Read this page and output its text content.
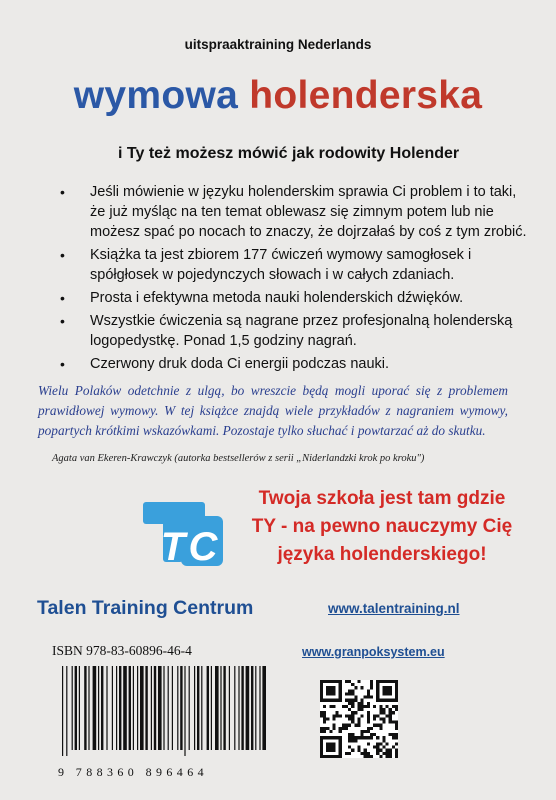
uitspraaktraining Nederlands
wymowa holenderska
i Ty też możesz mówić jak rodowity Holender
• Jeśli mówienie w języku holenderskim sprawia Ci problem i to taki, że już myśląc na ten temat oblewasz się zimnym potem lub nie możesz spać po nocach to znaczy, że dojrzałaś by coś z tym zrobić.
• Książka ta jest zbiorem 177 ćwiczeń wymowy samogłosek i spółgłosek w pojedynczych słowach i w całych zdaniach.
• Prosta i efektywna metoda nauki holenderskich dźwięków.
• Wszystkie ćwiczenia są nagrane przez profesjonalną holenderską logopedystkę. Ponad 1,5 godziny nagrań.
• Czerwony druk doda Ci energii podczas nauki.
Wielu Polaków odetchnie z ulgą, bo wreszcie będą mogli uporać się z problemem prawidłowej wymowy. W tej książce znajdą wiele przykładów z nagraniem wymowy, popartych krótkimi wskazówkami. Pozostaje tylko słuchać i powtarzać aż do skutku.
Agata van Ekeren-Krawczyk (autorka bestsellerów z serii „Niderlandzki krok po kroku")
T C
Twoja szkoła jest tam gdzie
TY - na pewno nauczymy Cię
języka holenderskiego!
Talen Training Centrum	www.talentraining.nl
ISBN 978-83-60896-46-4	www.granpoksystem.eu
9 788360 896464
